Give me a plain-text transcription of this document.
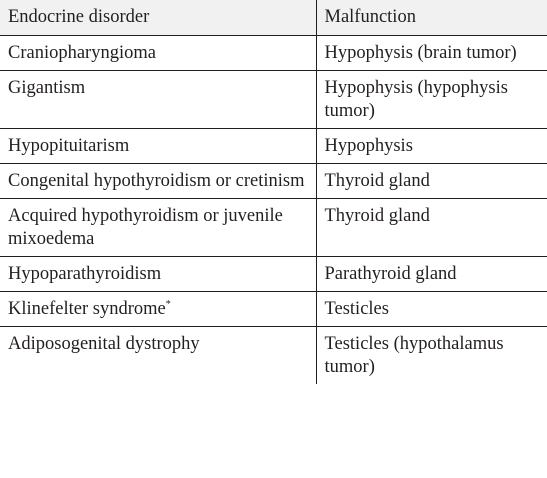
Endocrine disorder	Malfunction
Craniopharyngioma	Hypophysis (brain tumor)
Gigantism	Hypophysis (hypophysis tumor)
Hypopituitarism	Hypophysis
Congenital hypothyroidism or cretinism	Thyroid gland
Acquired hypothyroidism or juvenile mixoedema	Thyroid gland
Hypoparathyroidism	Parathyroid gland
Klinefelter syndrome*	Testicles
Adiposogenital dystrophy	Testicles (hypothalamus tumor)
